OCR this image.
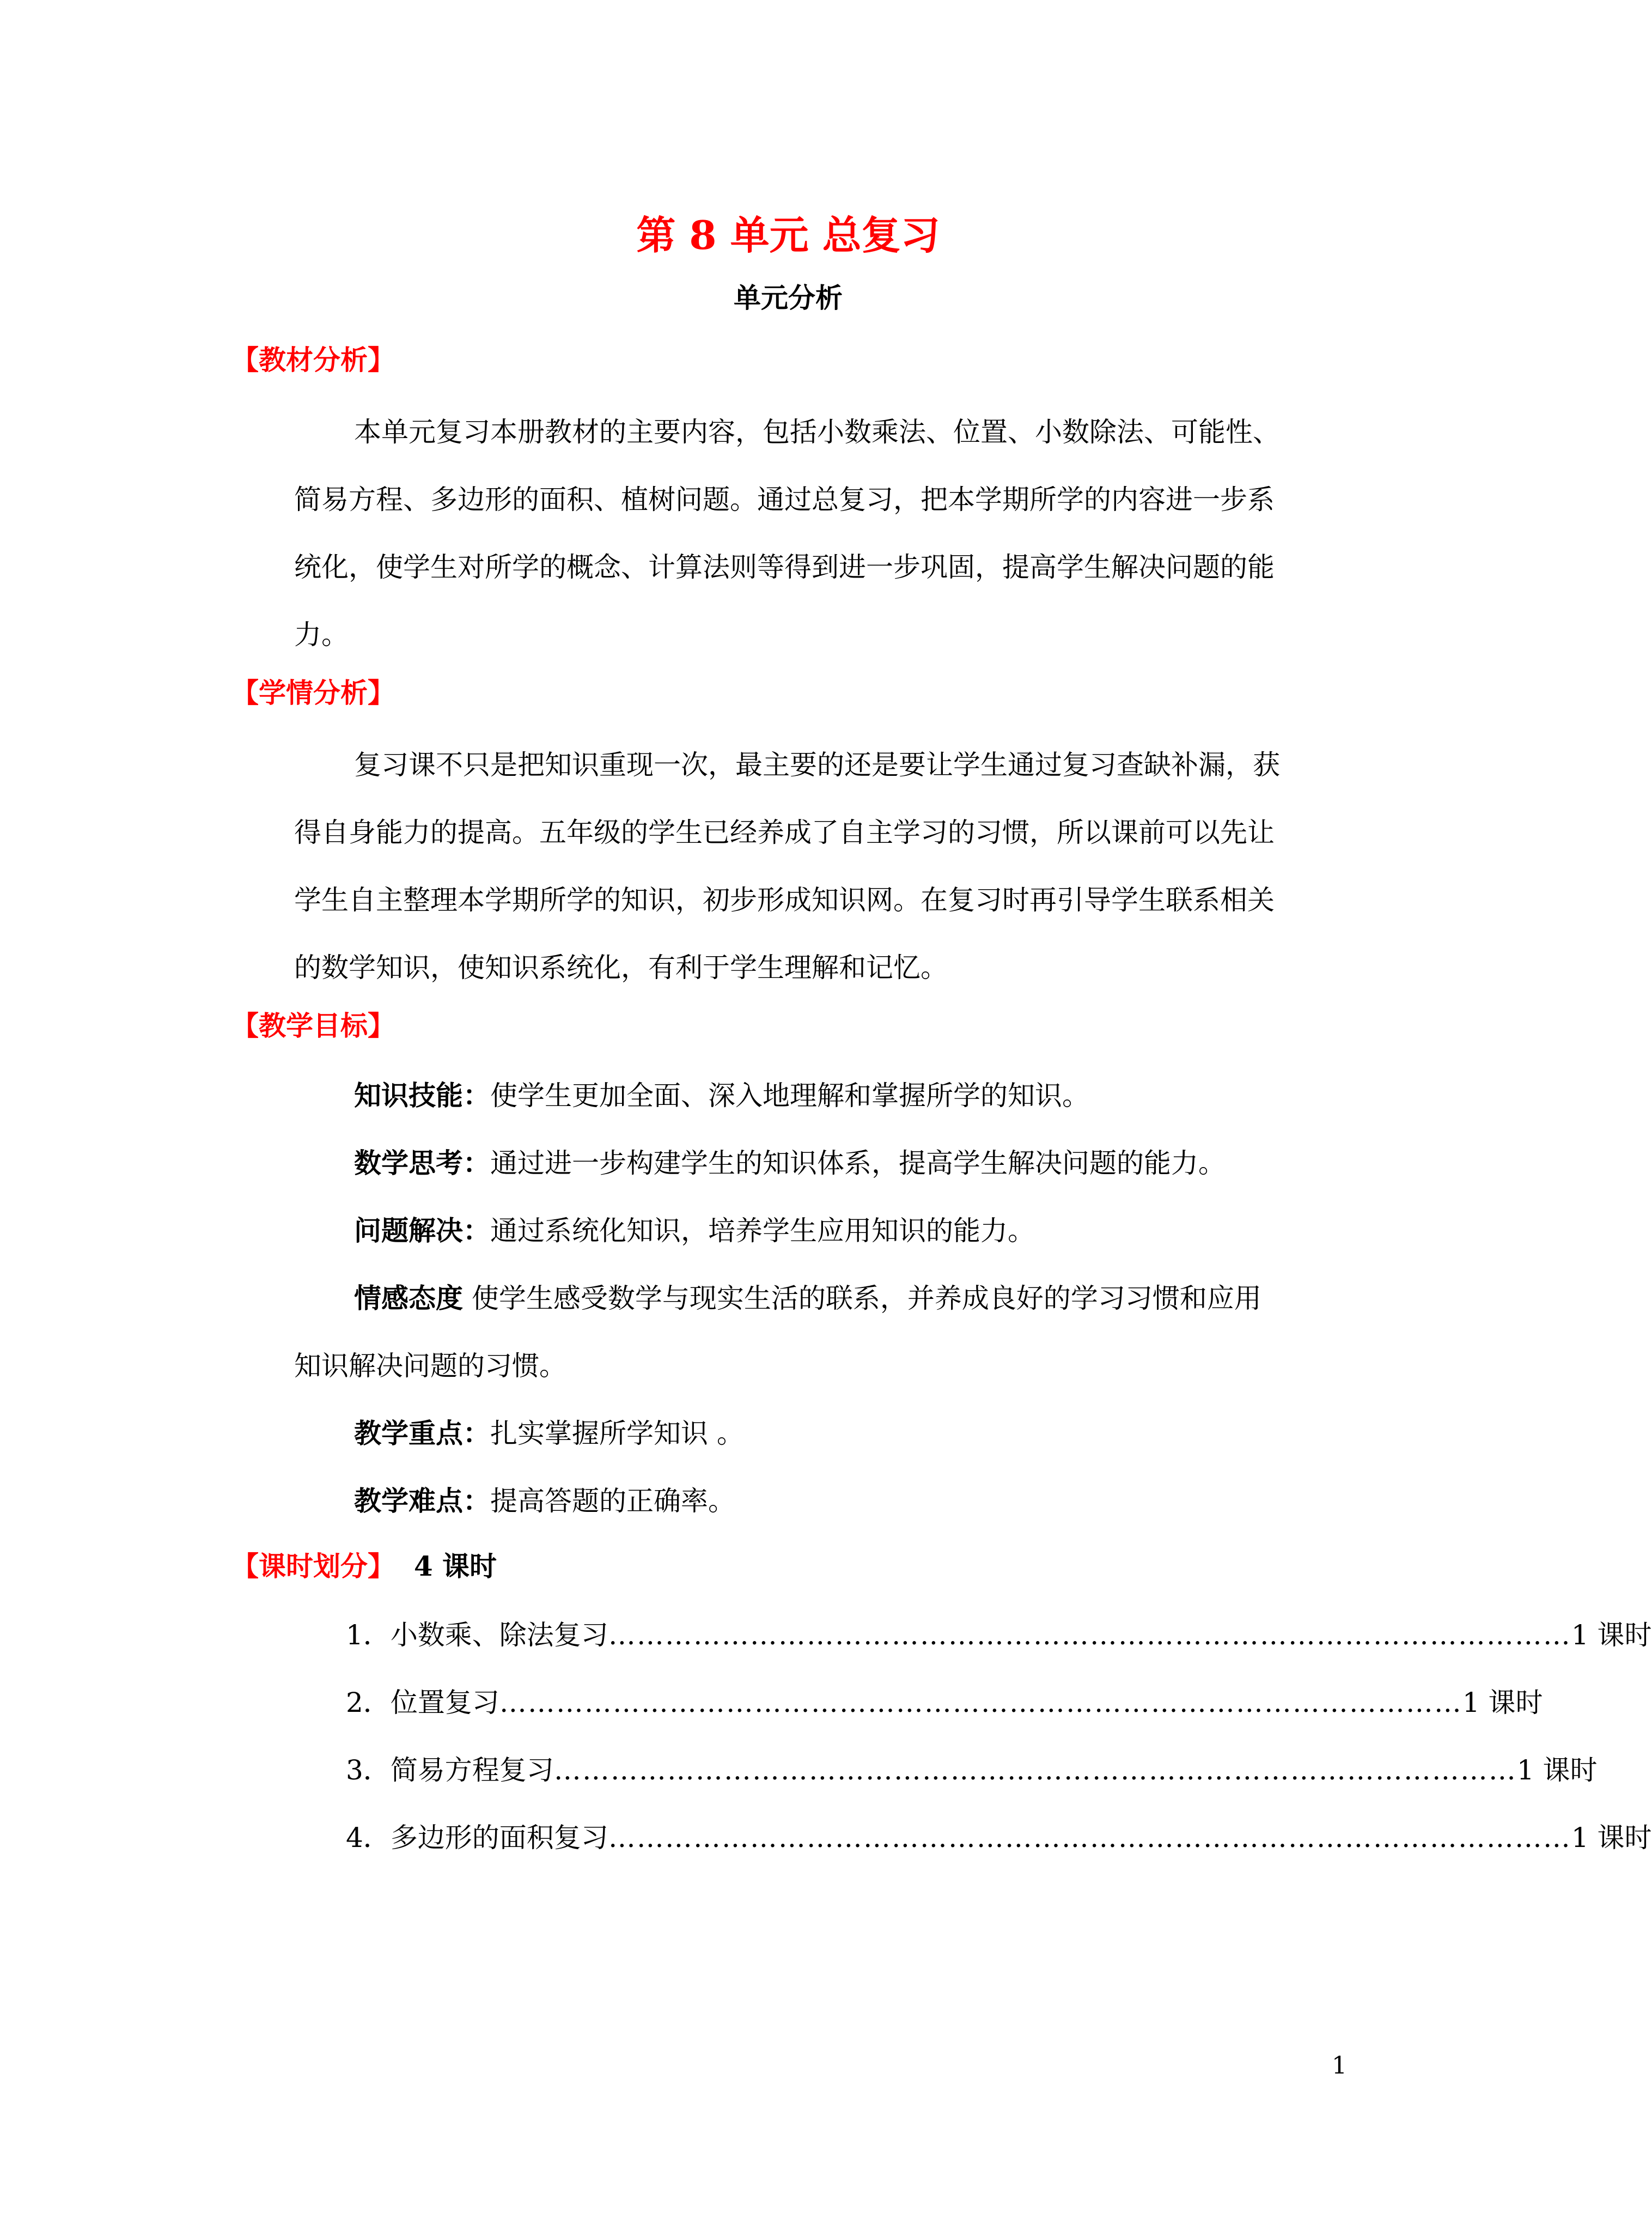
第 8 单元 总复习
单元分析
【教材分析】
本单元复习本册教材的主要内容，包括小数乘法、位置、小数除法、可能性、
简易方程、多边形的面积、植树问题。通过总复习，把本学期所学的内容进一步系
统化，使学生对所学的概念、计算法则等得到进一步巩固，提高学生解决问题的能
力。
【学情分析】
复习课不只是把知识重现一次，最主要的还是要让学生通过复习查缺补漏，获
得自身能力的提高。五年级的学生已经养成了自主学习的习惯，所以课前可以先让
学生自主整理本学期所学的知识，初步形成知识网。在复习时再引导学生联系相关
的数学知识，使知识系统化，有利于学生理解和记忆。
【教学目标】
知识技能：使学生更加全面、深入地理解和掌握所学的知识。
数学思考：通过进一步构建学生的知识体系，提高学生解决问题的能力。
问题解决：通过系统化知识，培养学生应用知识的能力。
情感态度 使学生感受数学与现实生活的联系，并养成良好的学习习惯和应用
知识解决问题的习惯。
教学重点：扎实掌握所学知识 。
教学难点：提高答题的正确率。
【课时划分】 4 课时
1． 小数乘、除法复习 ………………………………………………………………………………………… 1 课时
2． 位置复习 ………………………………………………………………………………………… 1 课时
3． 简易方程复习 ………………………………………………………………………………………… 1 课时
4． 多边形的面积复习 ………………………………………………………………………………………… 1 课时
1
